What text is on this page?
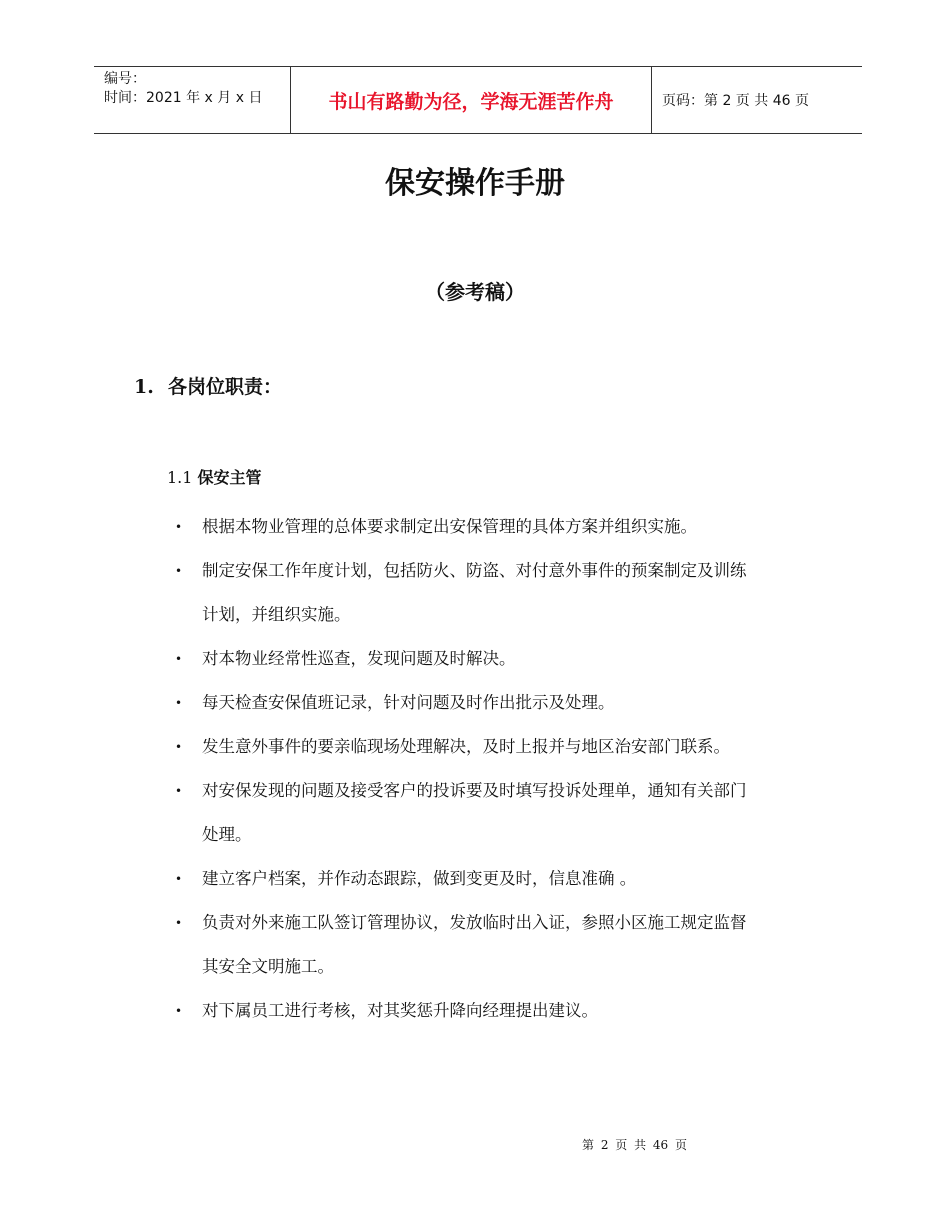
编号：
时间：2021 年 x 月 x 日	书山有路勤为径，学海无涯苦作舟	页码：第 2 页 共 46 页
保安操作手册
（参考稿）
1. 各岗位职责：
1.1 保安主管
• 根据本物业管理的总体要求制定出安保管理的具体方案并组织实施。
• 制定安保工作年度计划，包括防火、防盗、对付意外事件的预案制定及训练
计划，并组织实施。
• 对本物业经常性巡查，发现问题及时解决。
• 每天检查安保值班记录，针对问题及时作出批示及处理。
• 发生意外事件的要亲临现场处理解决，及时上报并与地区治安部门联系。
• 对安保发现的问题及接受客户的投诉要及时填写投诉处理单，通知有关部门
处理。
• 建立客户档案，并作动态跟踪，做到变更及时，信息准确 。
• 负责对外来施工队签订管理协议，发放临时出入证，参照小区施工规定监督
其安全文明施工。
• 对下属员工进行考核，对其奖惩升降向经理提出建议。
第 2 页 共 46 页
